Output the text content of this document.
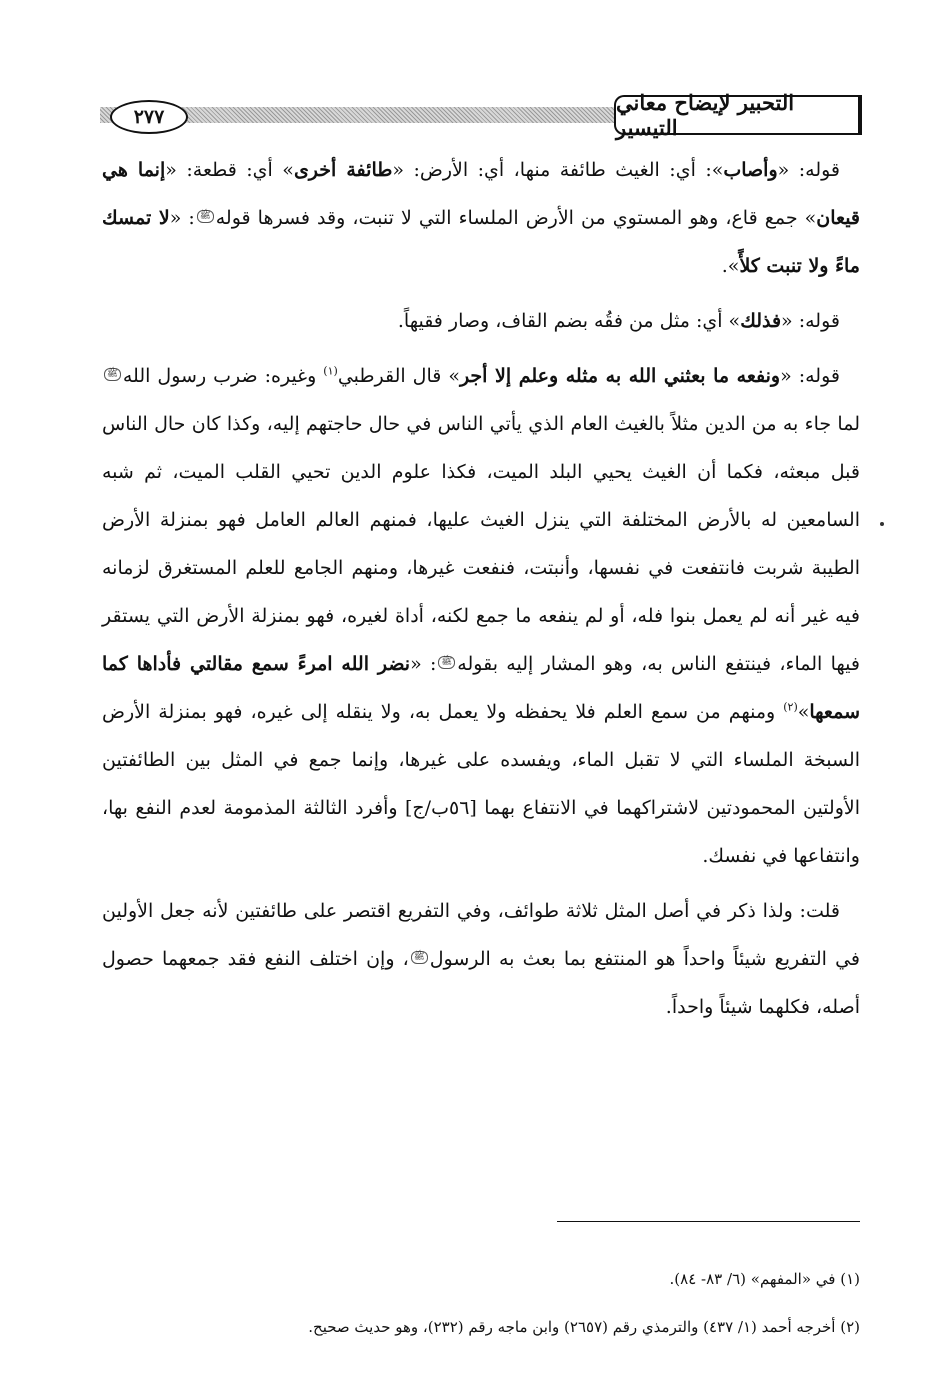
٢٧٧
التحبير لإيضاح معاني التيسير

قوله: «وأصاب»: أي: الغيث طائفة منها، أي: الأرض: «طائفة أخرى» أي: قطعة: «إنما هي قيعان» جمع قاع، وهو المستوي من الأرض الملساء التي لا تنبت، وقد فسرها قولهﷺ: «لا تمسك ماءً ولا تنبت كلأً».

قوله: «فذلك» أي: مثل من فقُه بضم القاف، وصار فقيهاً.

قوله: «ونفعه ما بعثني الله به مثله وعلم إلا أجر» قال القرطبي$^{(١)}$ وغيره: ضرب رسول اللهﷺ لما جاء به من الدين مثلاً بالغيث العام الذي يأتي الناس في حال حاجتهم إليه، وكذا كان حال الناس قبل مبعثه، فكما أن الغيث يحيي البلد الميت، فكذا علوم الدين تحيي القلب الميت، ثم شبه السامعين له بالأرض المختلفة التي ينزل الغيث عليها، فمنهم العالم العامل فهو بمنزلة الأرض الطيبة شربت فانتفعت في نفسها، وأنبتت، فنفعت غيرها، ومنهم الجامع للعلم المستغرق لزمانه فيه غير أنه لم يعمل بنوا فله، أو لم ينفعه ما جمع لكنه، أداة لغيره، فهو بمنزلة الأرض التي يستقر فيها الماء، فينتفع الناس به، وهو المشار إليه بقولهﷺ: «نضر الله امرءً سمع مقالتي فأداها كما سمعها»$^{(٢)}$ ومنهم من سمع العلم فلا يحفظه ولا يعمل به، ولا ينقله إلى غيره، فهو بمنزلة الأرض السبخة الملساء التي لا تقبل الماء، ويفسده على غيرها، وإنما جمع في المثل بين الطائفتين الأولتين المحمودتين لاشتراكهما في الانتفاع بهما [٥٦ب/ج] وأفرد الثالثة المذمومة لعدم النفع بها، وانتفاعها في نفسك.

قلت: ولذا ذكر في أصل المثل ثلاثة طوائف، وفي التفريع اقتصر على طائفتين لأنه جعل الأولين في التفريع شيئاً واحداً هو المنتفع بما بعث به الرسولﷺ، وإن اختلف النفع فقد جمعهما حصول أصله، فكلهما شيئاً واحداً.

(١) في «المفهم» (٦/ ٨٣- ٨٤).

(٢) أخرجه أحمد (١/ ٤٣٧) والترمذي رقم (٢٦٥٧) وابن ماجه رقم (٢٣٢)، وهو حديث صحيح.
